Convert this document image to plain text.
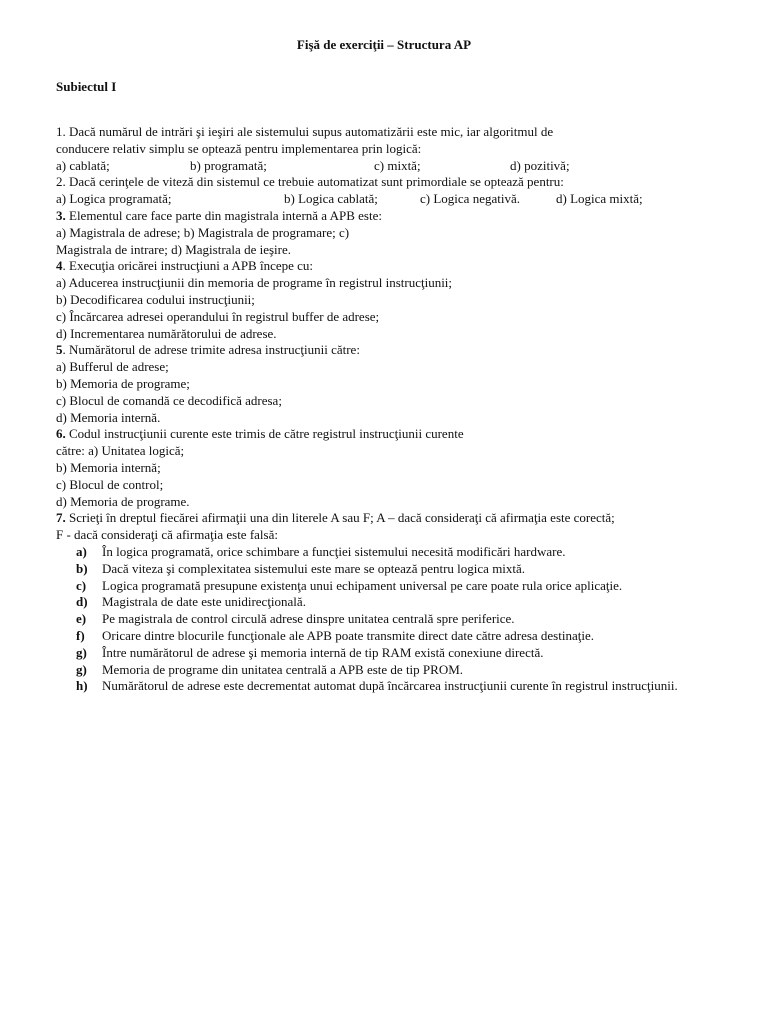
Fişă de exerciţii – Structura AP
Subiectul I
1. Dacă numărul de intrări şi ieşiri ale sistemului supus automatizării este mic, iar algoritmul de
conducere relativ simplu se optează pentru implementarea prin logică:
a) cablată;	b) programată;	c) mixtă;	d) pozitivă;
2. Dacă cerinţele de viteză din sistemul ce trebuie automatizat sunt primordiale se optează pentru:
a) Logica programată;	b) Logica cablată;	c) Logica negativă.	d) Logica mixtă;
3. Elementul care face parte din magistrala internă a APB este:
a) Magistrala de adrese; b) Magistrala de programare; c)
Magistrala de intrare; d) Magistrala de ieşire.
4. Execuţia oricărei instrucţiuni a APB începe cu:
a) Aducerea instrucţiunii din memoria de programe în registrul instrucţiunii;
b) Decodificarea codului instrucţiunii;
c) Încărcarea adresei operandului în registrul buffer de adrese;
d) Incrementarea numărătorului de adrese.
5. Numărătorul de adrese trimite adresa instrucţiunii către:
a) Bufferul de adrese;
b) Memoria de programe;
c) Blocul de comandă ce decodifică adresa;
d) Memoria internă.
6. Codul instrucţiunii curente este trimis de către registrul instrucţiunii curente
către: a) Unitatea logică;
b) Memoria internă;
c) Blocul de control;
d) Memoria de programe.
7. Scrieţi în dreptul fiecărei afirmaţii una din literele A sau F; A – dacă consideraţi că afirmaţia este corectă;
F - dacă consideraţi că afirmaţia este falsă:
a) În logica programată, orice schimbare a funcţiei sistemului necesită modificări hardware.
b) Dacă viteza şi complexitatea sistemului este mare se optează pentru logica mixtă.
c) Logica programată presupune existenţa unui echipament universal pe care poate rula orice aplicaţie.
d) Magistrala de date este unidirecţională.
e) Pe magistrala de control circulă adrese dinspre unitatea centrală spre periferice.
f) Oricare dintre blocurile funcţionale ale APB poate transmite direct date către adresa destinaţie.
g) Între numărătorul de adrese şi memoria internă de tip RAM există conexiune directă.
g) Memoria de programe din unitatea centrală a APB este de tip PROM.
h) Numărătorul de adrese este decrementat automat după încărcarea instrucţiunii curente în registrul instrucţiunii.
